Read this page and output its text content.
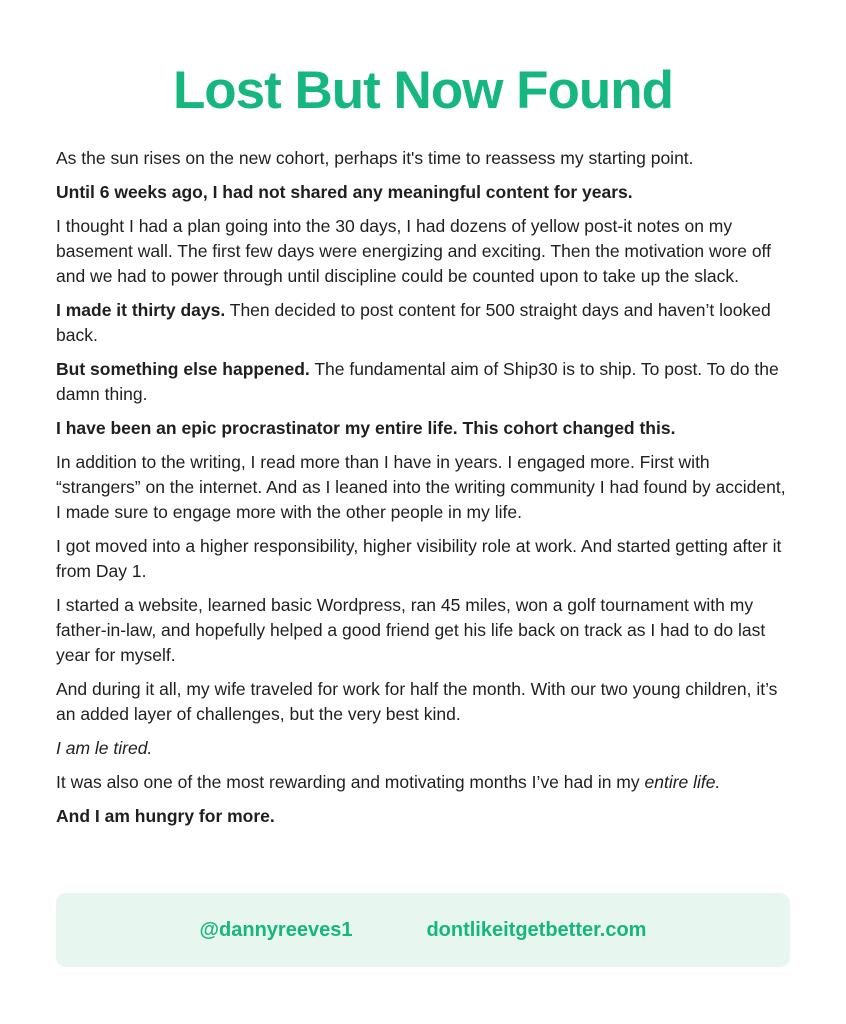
Lost But Now Found

As the sun rises on the new cohort, perhaps it's time to reassess my starting point.

Until 6 weeks ago, I had not shared any meaningful content for years.

I thought I had a plan going into the 30 days, I had dozens of yellow post-it notes on my basement wall. The first few days were energizing and exciting. Then the motivation wore off and we had to power through until discipline could be counted upon to take up the slack.

I made it thirty days. Then decided to post content for 500 straight days and haven’t looked back.

But something else happened. The fundamental aim of Ship30 is to ship. To post. To do the damn thing.

I have been an epic procrastinator my entire life. This cohort changed this.

In addition to the writing, I read more than I have in years. I engaged more. First with “strangers” on the internet. And as I leaned into the writing community I had found by accident, I made sure to engage more with the other people in my life.

I got moved into a higher responsibility, higher visibility role at work. And started getting after it from Day 1.

I started a website, learned basic Wordpress, ran 45 miles, won a golf tournament with my father-in-law, and hopefully helped a good friend get his life back on track as I had to do last year for myself.

And during it all, my wife traveled for work for half the month. With our two young children, it’s an added layer of challenges, but the very best kind.

I am le tired.

It was also one of the most rewarding and motivating months I’ve had in my entire life.

And I am hungry for more.

@dannyreeves1	dontlikeitgetbetter.com
